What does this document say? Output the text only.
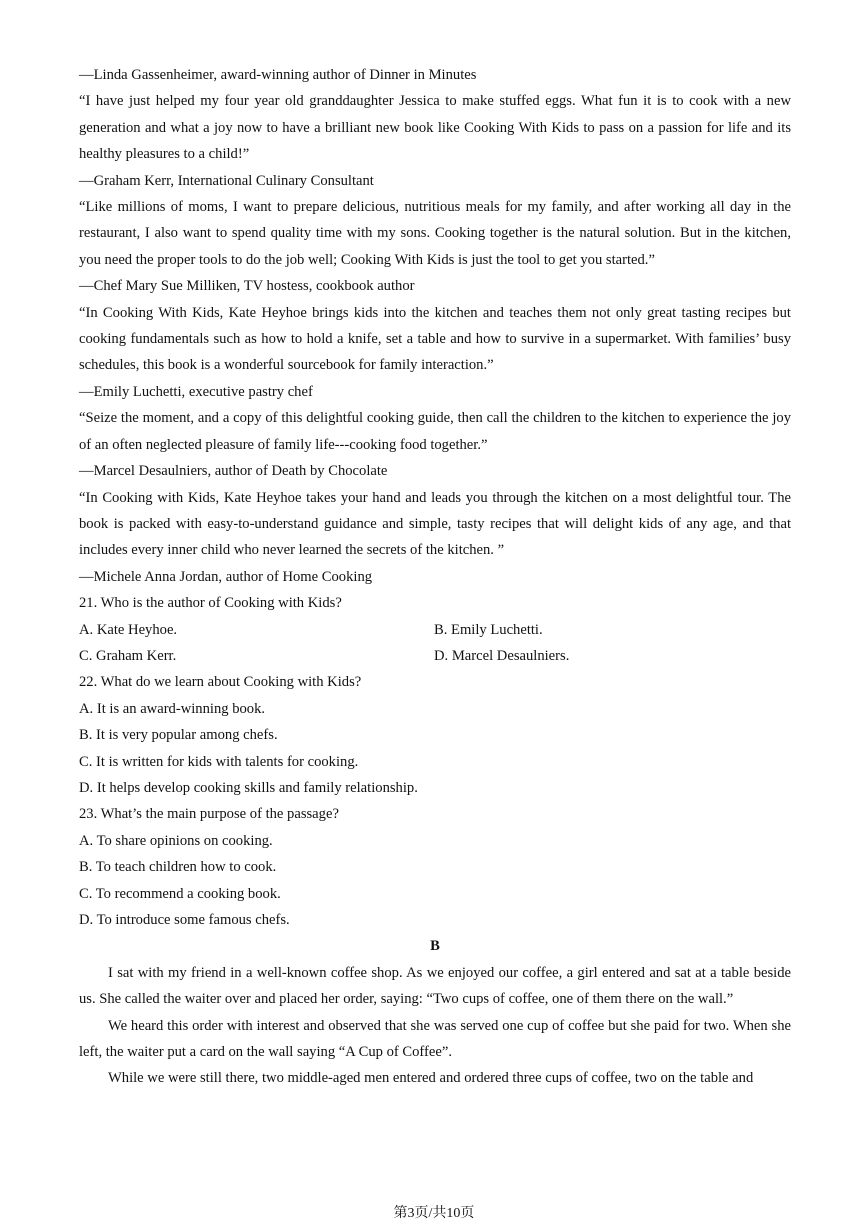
—Linda Gassenheimer, award-winning author of Dinner in Minutes
“I have just helped my four year old granddaughter Jessica to make stuffed eggs. What fun it is to cook with a new generation and what a joy now to have a brilliant new book like Cooking With Kids to pass on a passion for life and its healthy pleasures to a child!”
—Graham Kerr, International Culinary Consultant
“Like millions of moms, I want to prepare delicious, nutritious meals for my family, and after working all day in the restaurant, I also want to spend quality time with my sons. Cooking together is the natural solution. But in the kitchen, you need the proper tools to do the job well; Cooking With Kids is just the tool to get you started.”
—Chef Mary Sue Milliken, TV hostess, cookbook author
“In Cooking With Kids, Kate Heyhoe brings kids into the kitchen and teaches them not only great tasting recipes but cooking fundamentals such as how to hold a knife, set a table and how to survive in a supermarket. With families’ busy schedules, this book is a wonderful sourcebook for family interaction.”
—Emily Luchetti, executive pastry chef
“Seize the moment, and a copy of this delightful cooking guide, then call the children to the kitchen to experience the joy of an often neglected pleasure of family life---cooking food together.”
—Marcel Desaulniers, author of Death by Chocolate
“In Cooking with Kids, Kate Heyhoe takes your hand and leads you through the kitchen on a most delightful tour. The book is packed with easy-to-understand guidance and simple, tasty recipes that will delight kids of any age, and that includes every inner child who never learned the secrets of the kitchen. ”
—Michele Anna Jordan, author of Home Cooking
21. Who is the author of Cooking with Kids?
A. Kate Heyhoe.	B. Emily Luchetti.
C. Graham Kerr.	D. Marcel Desaulniers.
22. What do we learn about Cooking with Kids?
A. It is an award-winning book.
B. It is very popular among chefs.
C. It is written for kids with talents for cooking.
D. It helps develop cooking skills and family relationship.
23. What’s the main purpose of the passage?
A. To share opinions on cooking.
B. To teach children how to cook.
C. To recommend a cooking book.
D. To introduce some famous chefs.
B
I sat with my friend in a well-known coffee shop. As we enjoyed our coffee, a girl entered and sat at a table beside us. She called the waiter over and placed her order, saying: “Two cups of coffee, one of them there on the wall.”
We heard this order with interest and observed that she was served one cup of coffee but she paid for two. When she left, the waiter put a card on the wall saying “A Cup of Coffee”.
While we were still there, two middle-aged men entered and ordered three cups of coffee, two on the table and
第3页/共10页
